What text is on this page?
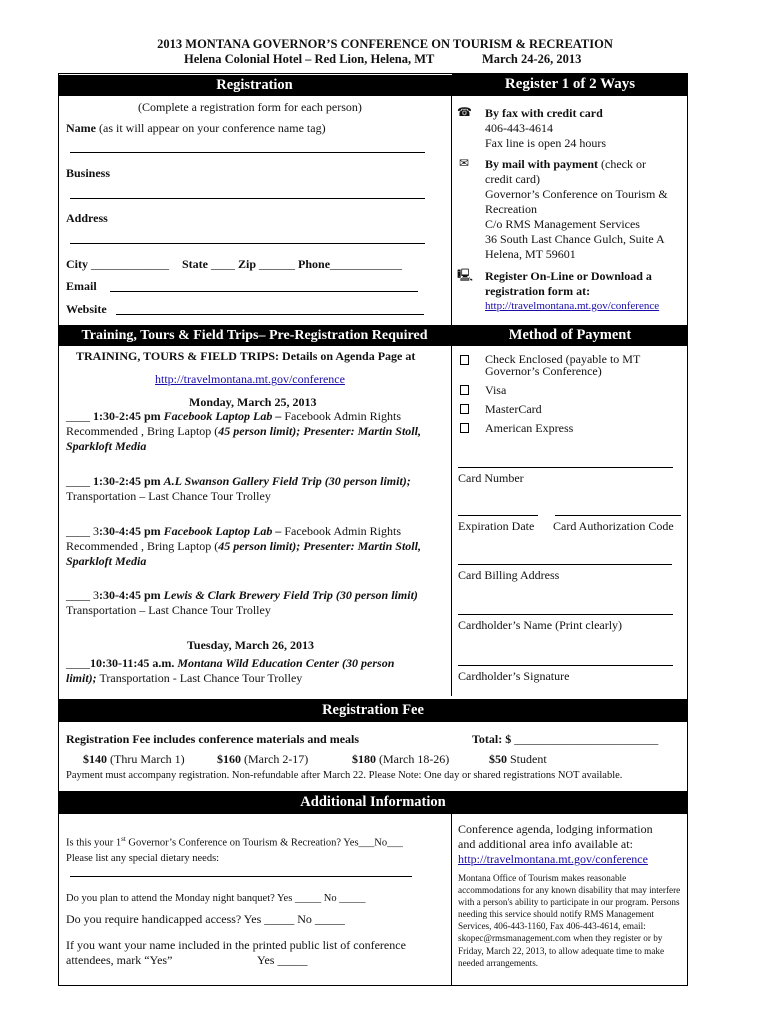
2013 MONTANA GOVERNOR’S CONFERENCE ON TOURISM & RECREATION
Helena Colonial Hotel – Red Lion, Helena, MT	March 24-26, 2013
Registration
(Complete a registration form for each person)
Name (as it will appear on your conference name tag)
Business
Address
City _____________ State ____ Zip ______ Phone____________
Email
Website
Register 1 of 2 Ways
☎ By fax with credit card
406-443-4614
Fax line is open 24 hours
✉ By mail with payment (check or credit card)
Governor’s Conference on Tourism & Recreation
C/o RMS Management Services
36 South Last Chance Gulch, Suite A
Helena, MT 59601
🖳 Register On-Line or Download a registration form at:
http://travelmontana.mt.gov/conference
Training, Tours & Field Trips– Pre-Registration Required
TRAINING, TOURS & FIELD TRIPS: Details on Agenda Page at
http://travelmontana.mt.gov/conference
Monday, March 25, 2013
____ 1:30-2:45 pm Facebook Laptop Lab – Facebook Admin Rights
Recommended , Bring Laptop (45 person limit); Presenter: Martin Stoll,
Sparkloft Media
____ 1:30-2:45 pm A.L Swanson Gallery Field Trip (30 person limit);
Transportation – Last Chance Tour Trolley
____ 3:30-4:45 pm Facebook Laptop Lab – Facebook Admin Rights
Recommended , Bring Laptop (45 person limit); Presenter: Martin Stoll,
Sparkloft Media
____ 3:30-4:45 pm Lewis & Clark Brewery Field Trip (30 person limit)
Transportation – Last Chance Tour Trolley
Tuesday, March 26, 2013
____10:30-11:45 a.m. Montana Wild Education Center (30 person
limit); Transportation - Last Chance Tour Trolley
Method of Payment
Check Enclosed (payable to MT Governor’s Conference)
Visa
MasterCard
American Express
Card Number
Expiration Date Card Authorization Code
Card Billing Address
Cardholder’s Name (Print clearly)
Cardholder’s Signature
Registration Fee
Registration Fee includes conference materials and meals	Total: $ ________________________
$140 (Thru March 1)	$160 (March 2-17)	$180 (March 18-26)	$50 Student
Payment must accompany registration. Non-refundable after March 22. Please Note: One day or shared registrations NOT available.
Additional Information
Is this your 1st Governor’s Conference on Tourism & Recreation? Yes___No___
Please list any special dietary needs:
Do you plan to attend the Monday night banquet? Yes _____ No _____
Do you require handicapped access? Yes _____ No _____
If you want your name included in the printed public list of conference
attendees, mark “Yes”	Yes _____
Conference agenda, lodging information and additional area info available at:
http://travelmontana.mt.gov/conference
Montana Office of Tourism makes reasonable accommodations for any known disability that may interfere with a person's ability to participate in our program. Persons needing this service should notify RMS Management Services, 406-443-1160, Fax 406-443-4614, email: skopec@rmsmanagement.com when they register or by Friday, March 22, 2013, to allow adequate time to make needed arrangements.
